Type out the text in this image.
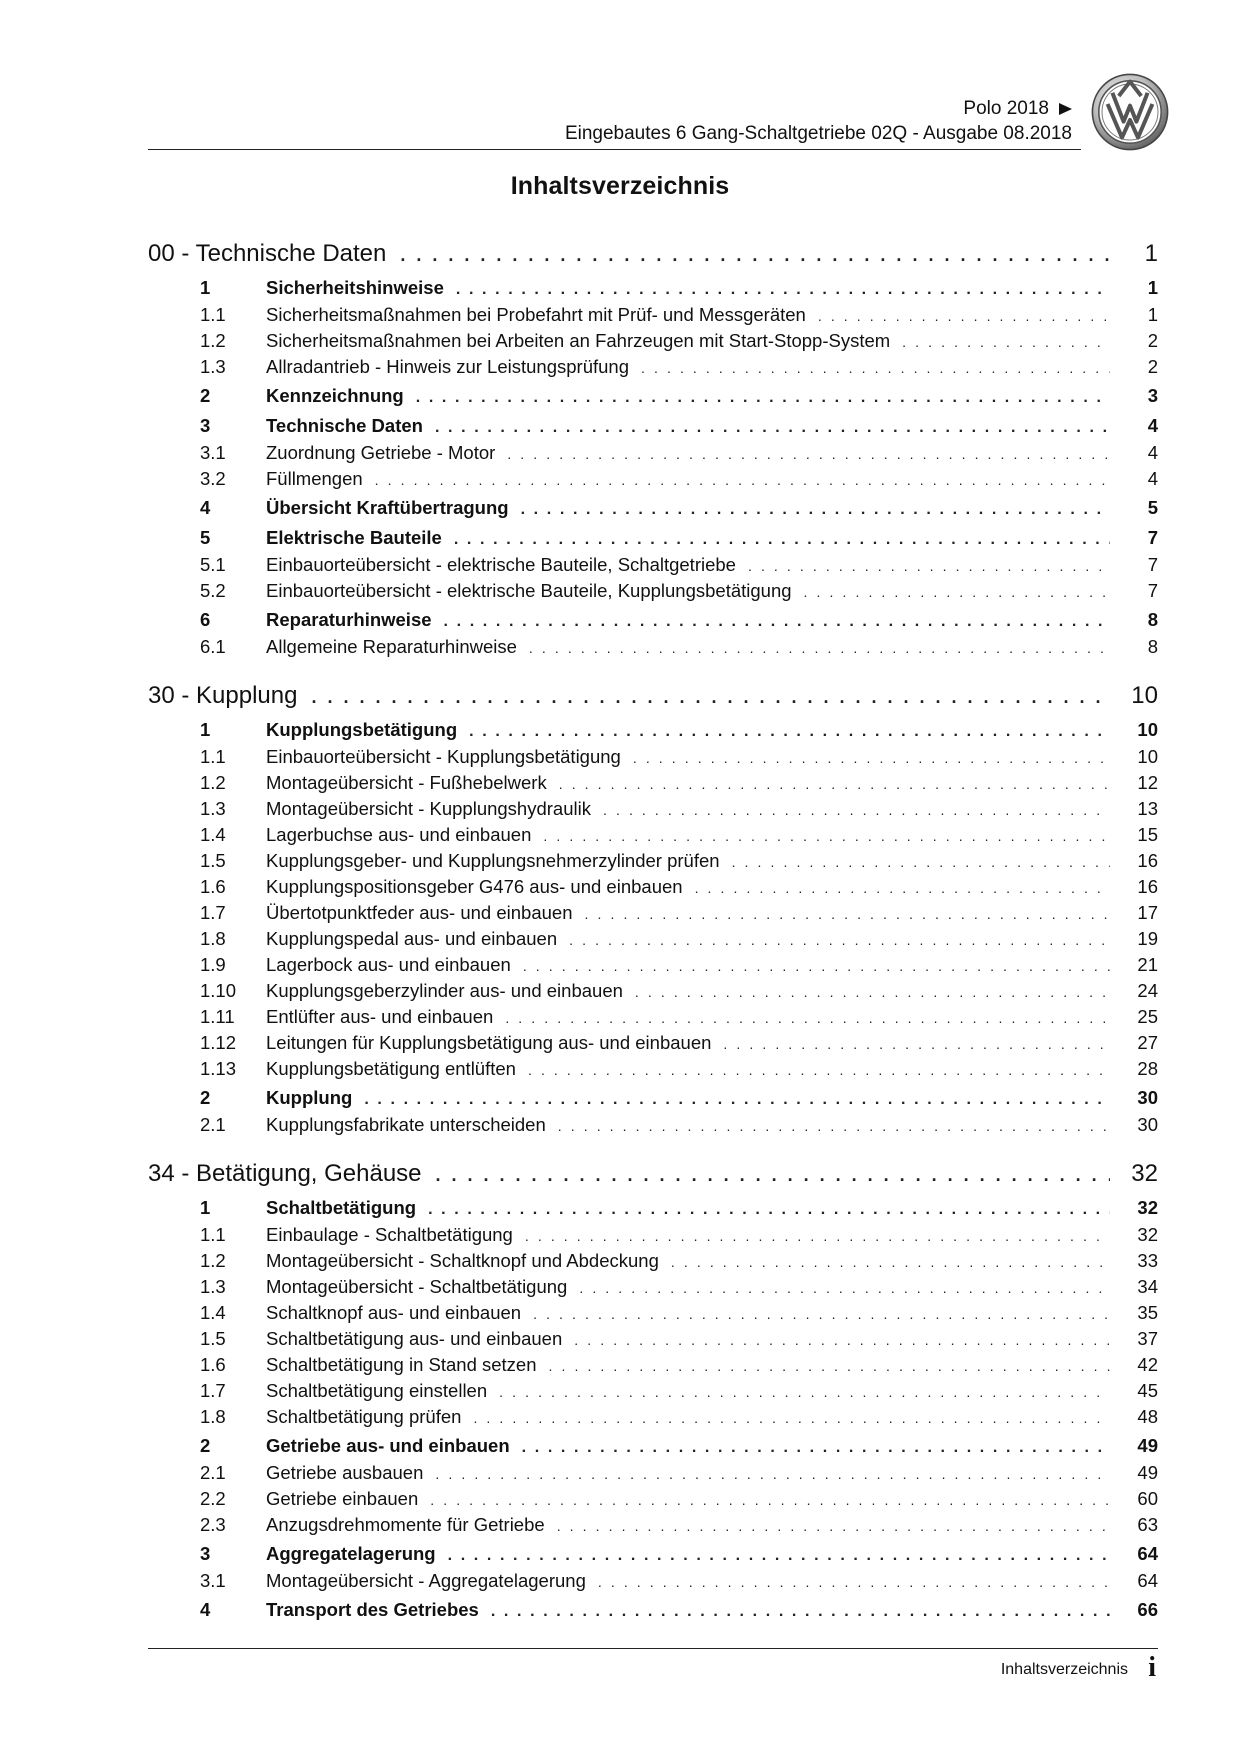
Polo 2018
Eingebautes 6 Gang-Schaltgetriebe 02Q - Ausgabe 08.2018
Inhaltsverzeichnis
00 - Technische Daten . . .	1
1	Sicherheitshinweise . . .	1
1.1	Sicherheitsmaßnahmen bei Probefahrt mit Prüf- und Messgeräten . . .	1
1.2	Sicherheitsmaßnahmen bei Arbeiten an Fahrzeugen mit Start-Stopp-System . . .	2
1.3	Allradantrieb - Hinweis zur Leistungsprüfung . . .	2
2	Kennzeichnung . . .	3
3	Technische Daten . . .	4
3.1	Zuordnung Getriebe - Motor . . .	4
3.2	Füllmengen . . .	4
4	Übersicht Kraftübertragung . . .	5
5	Elektrische Bauteile . . .	7
5.1	Einbauorteübersicht - elektrische Bauteile, Schaltgetriebe . . .	7
5.2	Einbauorteübersicht - elektrische Bauteile, Kupplungsbetätigung . . .	7
6	Reparaturhinweise . . .	8
6.1	Allgemeine Reparaturhinweise . . .	8
30 - Kupplung . . .	10
1	Kupplungsbetätigung . . .	10
1.1	Einbauorteübersicht - Kupplungsbetätigung . . .	10
1.2	Montageübersicht - Fußhebelwerk . . .	12
1.3	Montageübersicht - Kupplungshydraulik . . .	13
1.4	Lagerbuchse aus- und einbauen . . .	15
1.5	Kupplungsgeber- und Kupplungsnehmerzylinder prüfen . . .	16
1.6	Kupplungspositionsgeber G476 aus- und einbauen . . .	16
1.7	Übertotpunktfeder aus- und einbauen . . .	17
1.8	Kupplungspedal aus- und einbauen . . .	19
1.9	Lagerbock aus- und einbauen . . .	21
1.10	Kupplungsgeberzylinder aus- und einbauen . . .	24
1.11	Entlüfter aus- und einbauen . . .	25
1.12	Leitungen für Kupplungsbetätigung aus- und einbauen . . .	27
1.13	Kupplungsbetätigung entlüften . . .	28
2	Kupplung . . .	30
2.1	Kupplungsfabrikate unterscheiden . . .	30
34 - Betätigung, Gehäuse . . .	32
1	Schaltbetätigung . . .	32
1.1	Einbaulage - Schaltbetätigung . . .	32
1.2	Montageübersicht - Schaltknopf und Abdeckung . . .	33
1.3	Montageübersicht - Schaltbetätigung . . .	34
1.4	Schaltknopf aus- und einbauen . . .	35
1.5	Schaltbetätigung aus- und einbauen . . .	37
1.6	Schaltbetätigung in Stand setzen . . .	42
1.7	Schaltbetätigung einstellen . . .	45
1.8	Schaltbetätigung prüfen . . .	48
2	Getriebe aus- und einbauen . . .	49
2.1	Getriebe ausbauen . . .	49
2.2	Getriebe einbauen . . .	60
2.3	Anzugsdrehmomente für Getriebe . . .	63
3	Aggregatelagerung . . .	64
3.1	Montageübersicht - Aggregatelagerung . . .	64
4	Transport des Getriebes . . .	66
Inhaltsverzeichnis i
